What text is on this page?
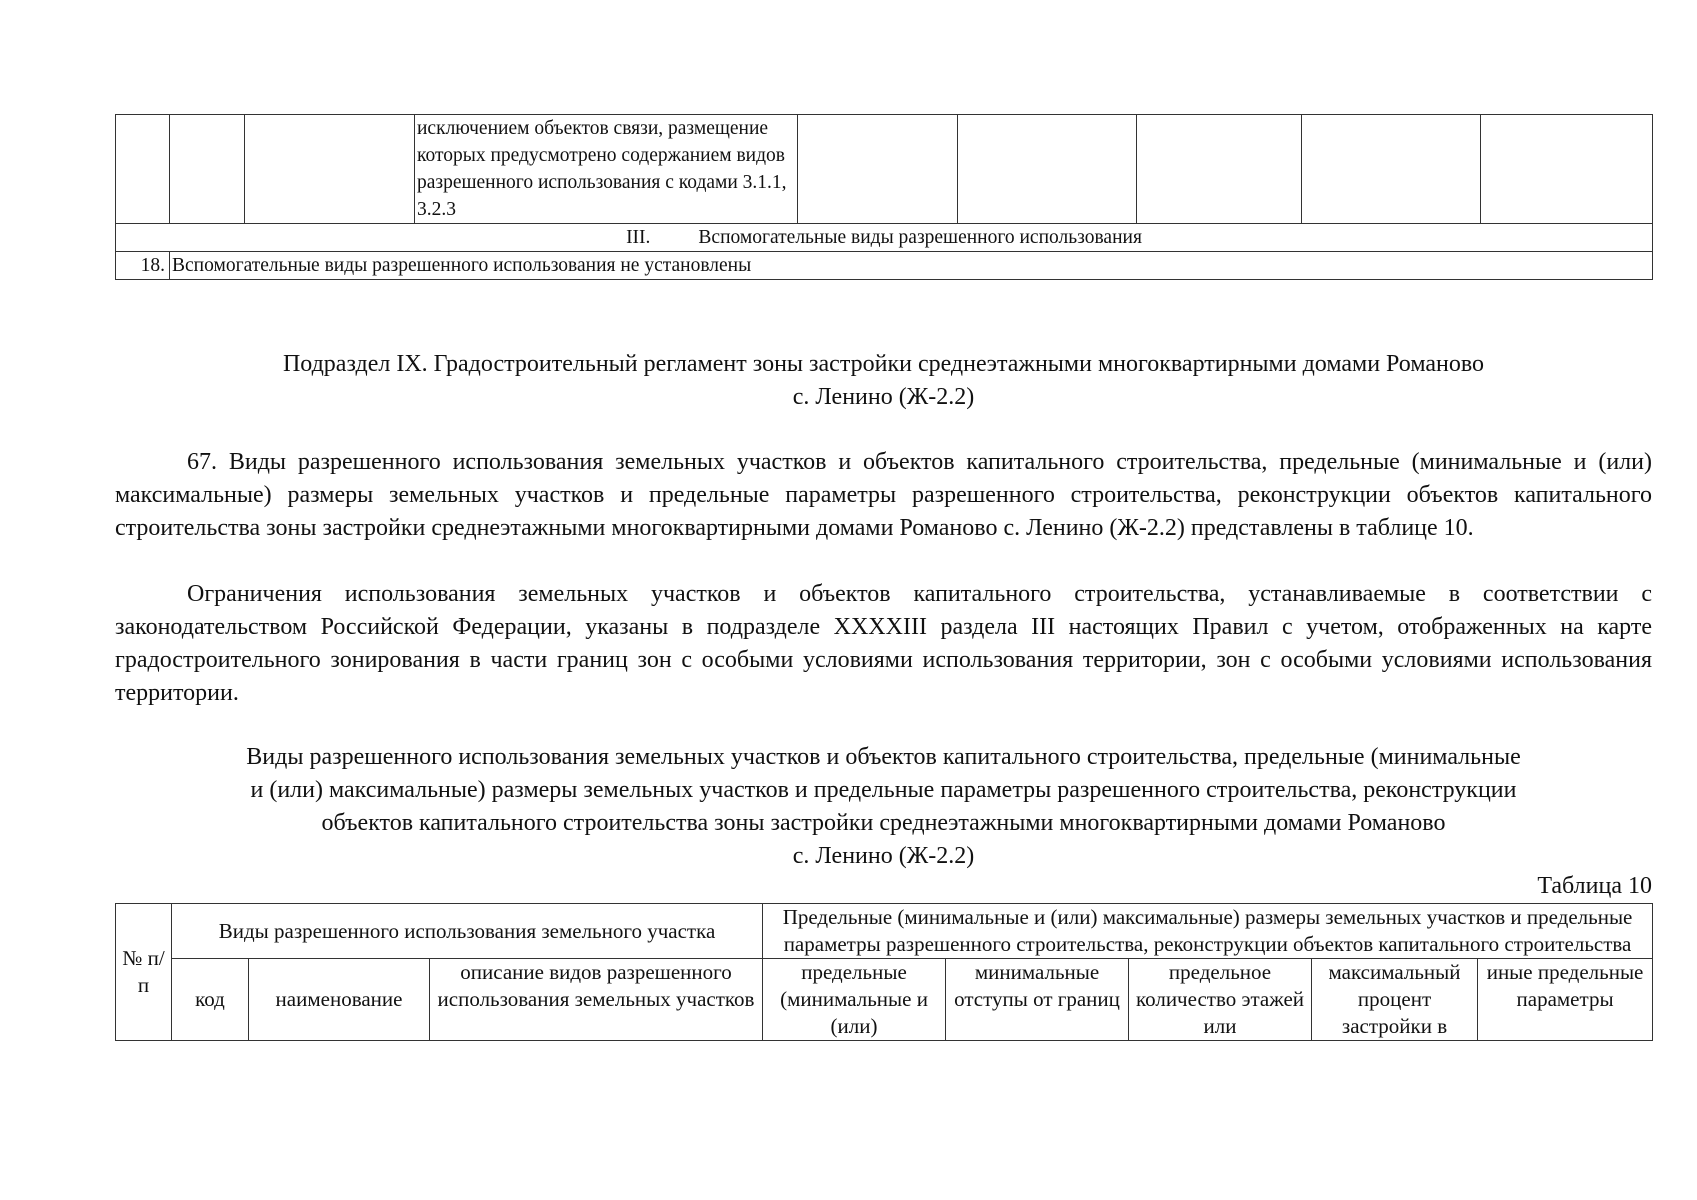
			исключением объектов связи, размещение которых предусмотрено содержанием видов разрешенного использования с кодами 3.1.1, 3.2.3					
III. Вспомогательные виды разрешенного использования								
18.	Вспомогательные виды разрешенного использования не установлены							
Подраздел IX. Градостроительный регламент зоны застройки среднеэтажными многоквартирными домами Романово
с. Ленино (Ж-2.2)
67. Виды разрешенного использования земельных участков и объектов капитального строительства, предельные (минимальные и (или) максимальные) размеры земельных участков и предельные параметры разрешенного строительства, реконструкции объектов капитального строительства зоны застройки среднеэтажными многоквартирными домами Романово с. Ленино (Ж-2.2) представлены в таблице 10.
Ограничения использования земельных участков и объектов капитального строительства, устанавливаемые в соответствии с законодательством Российской Федерации, указаны в подразделе XXXXIII раздела III настоящих Правил с учетом, отображенных на карте градостроительного зонирования в части границ зон с особыми условиями использования территории, зон с особыми условиями использования территории.
Виды разрешенного использования земельных участков и объектов капитального строительства, предельные (минимальные
и (или) максимальные) размеры земельных участков и предельные параметры разрешенного строительства, реконструкции
объектов капитального строительства зоны застройки среднеэтажными многоквартирными домами Романово
с. Ленино (Ж-2.2)
Таблица 10
№ п/п	Виды разрешенного использования земельного участка			Предельные (минимальные и (или) максимальные) размеры земельных участков и предельные параметры разрешенного строительства, реконструкции объектов капитального строительства				
	код	наименование	описание видов разрешенного использования земельных участков	предельные (минимальные и (или)	минимальные отступы от границ	предельное количество этажей или	максимальный процент застройки в	иные предельные параметры
